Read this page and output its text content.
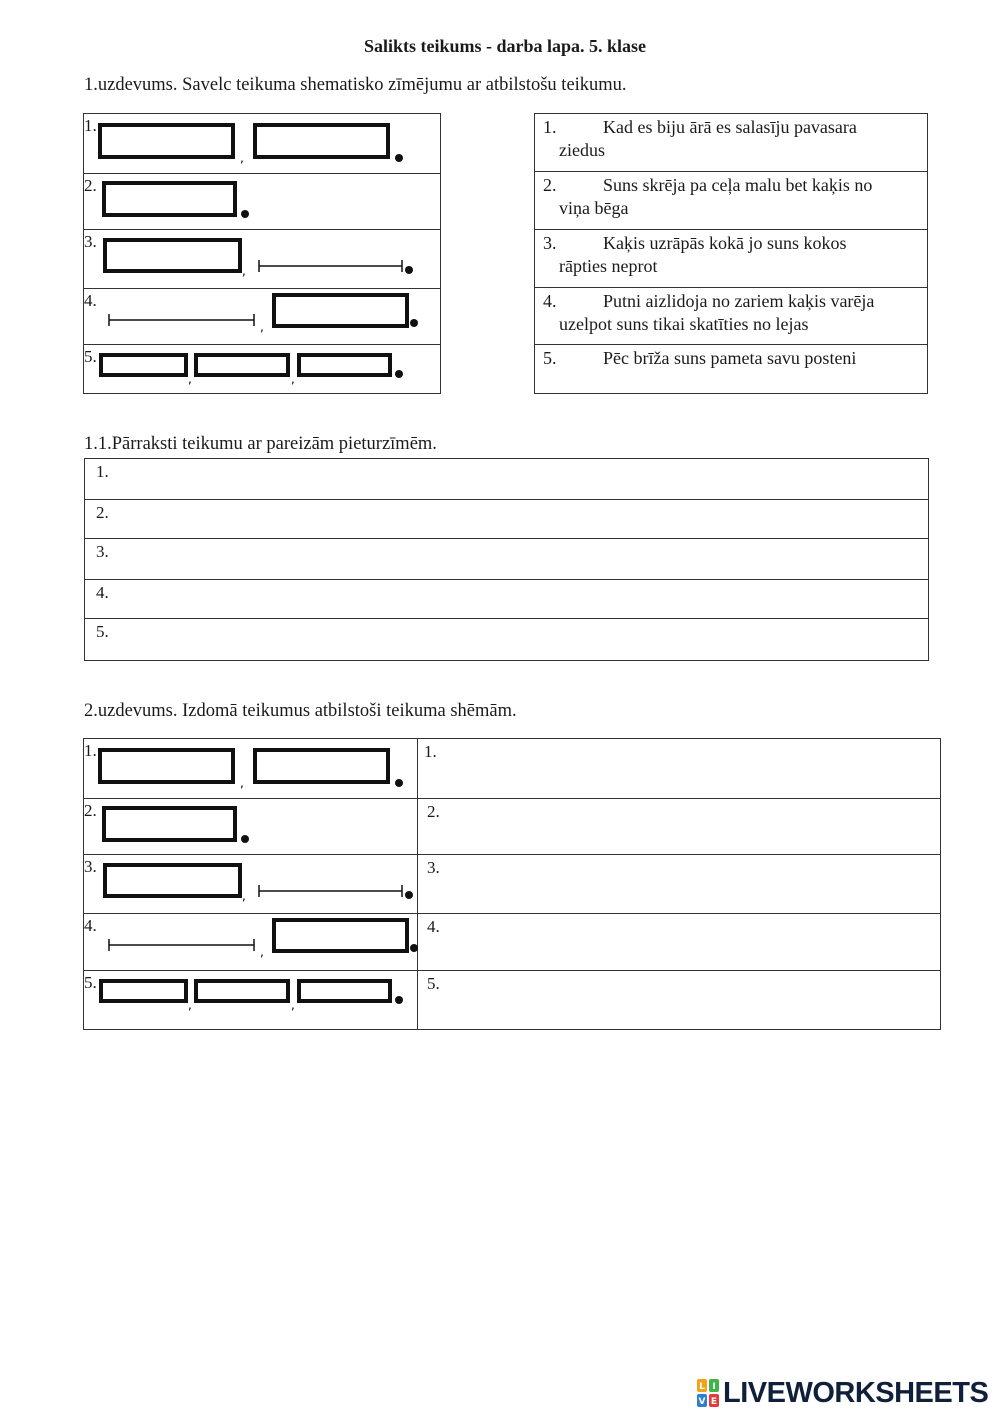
Salikts teikums - darba lapa. 5. klase
1.uzdevums. Savelc teikuma shematisko zīmējumu ar atbilstošu teikumu.
1.

2.

3.

4.

5.
1.	Kad es biju ārā es salasīju pavasara
ziedus

2.	Suns skrēja pa ceļa malu bet kaķis no
viņa bēga

3.	Kaķis uzrāpās kokā jo suns kokos
rāpties neprot

4.	Putni aizlidoja no zariem kaķis varēja
uzelpot suns tikai skatīties no lejas

5.	Pēc brīža suns pameta savu posteni
1.1.Pārraksti teikumu ar pareizām pieturzīmēm.
1.

2.

3.

4.

5.
2.uzdevums. Izdomā teikumus atbilstoši teikuma shēmām.
1.	1.

2.	2.

3.	3.

4.	4.

5.	5.
L I
V E LIVEWORKSHEETS
